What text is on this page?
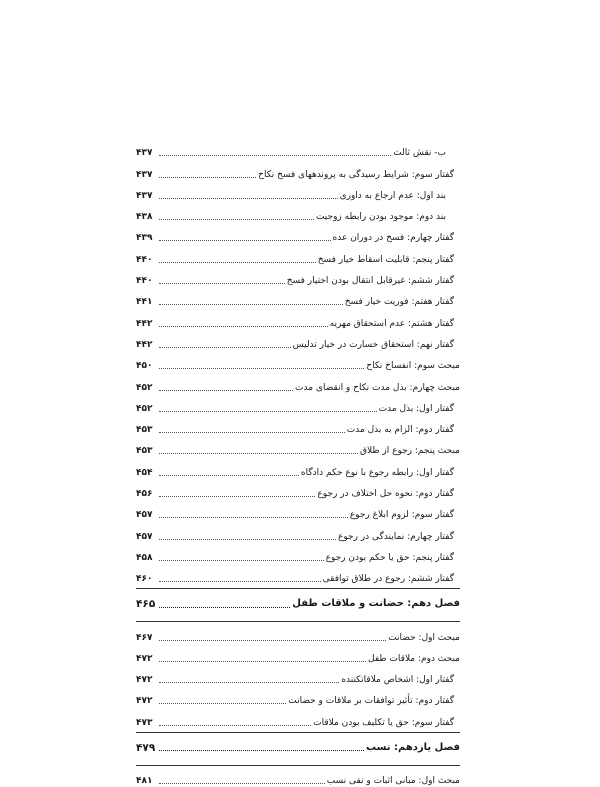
ب- نقش ثالث
۴۳۷
گفتار سوم: شرایط رسیدگی به پروندههای فسخ نکاح
۴۳۷
بند اول: عدم ارجاع به داوری
۴۳۷
بند دوم: موجود بودن رابطه زوجیت
۴۳۸
گفتار چهارم: فسخ در دوران عده
۴۳۹
گفتار پنجم: قابلیت اسقاط خیار فسخ
۴۴۰
گفتار ششم: غیرقابل انتقال بودن اختیار فسخ
۴۴۰
گفتار هفتم: فوریت خیار فسخ
۴۴۱
گفتار هشتم: عدم استحقاق مهریه
۴۴۲
گفتار نهم: استحقاق خسارت در خیار تدلیس
۴۴۲
مبحث سوم: انفساخ نکاح
۴۵۰
مبحث چهارم: بذل مدت نکاح و انقضای مدت
۴۵۲
گفتار اول: بذل مدت
۴۵۲
گفتار دوم: الزام به بذل مدت
۴۵۳
مبحث پنجم: رجوع از طلاق
۴۵۳
گفتار اول: رابطه رجوع با نوع حکم دادگاه
۴۵۴
گفتار دوم: نحوه حل اختلاف در رجوع
۴۵۶
گفتار سوم: لزوم ابلاغ رجوع
۴۵۷
گفتار چهارم: نمایندگی در رجوع
۴۵۷
گفتار پنجم: حق یا حکم بودن رجوع
۴۵۸
گفتار ششم: رجوع در طلاق توافقی
۴۶۰
فصل دهم: حضانت و ملاقات طفل
۴۶۵
مبحث اول: حضانت
۴۶۷
مبحث دوم: ملاقات طفل
۴۷۲
گفتار اول: اشخاص ملاقاتکننده
۴۷۲
گفتار دوم: تأثیر توافقات بر ملاقات و حضانت
۴۷۲
گفتار سوم: حق یا تکلیف بودن ملاقات
۴۷۳
فصل یازدهم: نسب
۴۷۹
مبحث اول: مبانی اثبات و نفی نسب
۴۸۱
